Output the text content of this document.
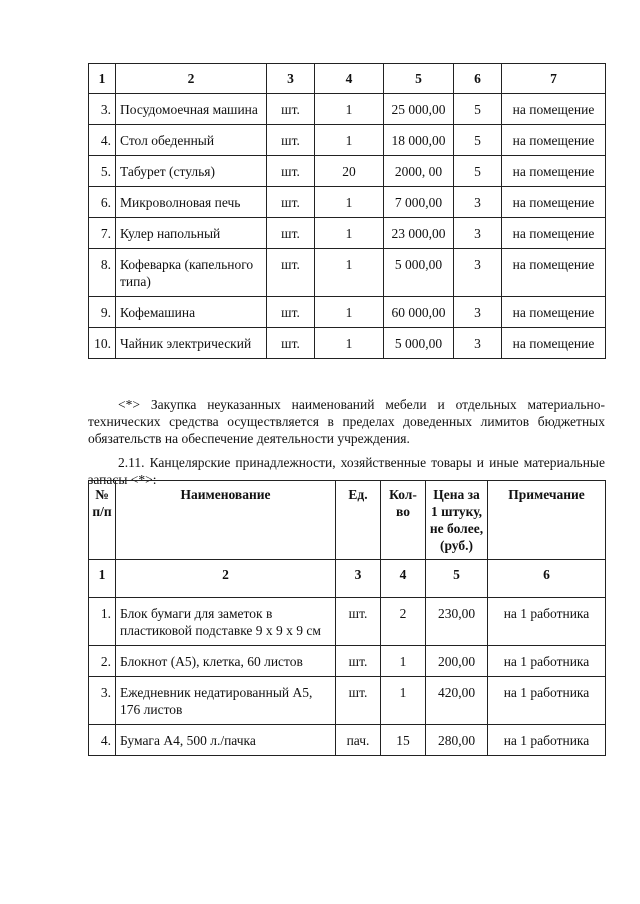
1	2	3	4	5	6	7
3.	Посудомоечная машина	шт.	1	25 000,00	5	на помещение
4.	Стол обеденный	шт.	1	18 000,00	5	на помещение
5.	Табурет (стулья)	шт.	20	2000, 00	5	на помещение
6.	Микроволновая печь	шт.	1	7 000,00	3	на помещение
7.	Кулер напольный	шт.	1	23 000,00	3	на помещение
8.	Кофеварка (капельного типа)	шт.	1	5 000,00	3	на помещение
9.	Кофемашина	шт.	1	60 000,00	3	на помещение
10.	Чайник электрический	шт.	1	5 000,00	3	на помещение

<*> Закупка неуказанных наименований мебели и отдельных материально-технических средства осуществляется в пределах доведенных лимитов бюджетных обязательств на обеспечение деятельности учреждения.

2.11. Канцелярские принадлежности, хозяйственные товары и иные материальные запасы <*>:

№ п/п	Наименование	Ед.	Кол-во	Цена за 1 штуку, не более, (руб.)	Примечание
1	2	3	4	5	6
1.	Блок бумаги для заметок в пластиковой подставке 9 х 9 х 9 см	шт.	2	230,00	на 1 работника
2.	Блокнот (А5), клетка, 60 листов	шт.	1	200,00	на 1 работника
3.	Ежедневник недатированный А5, 176 листов	шт.	1	420,00	на 1 работника
4.	Бумага А4, 500 л./пачка	пач.	15	280,00	на 1 работника
